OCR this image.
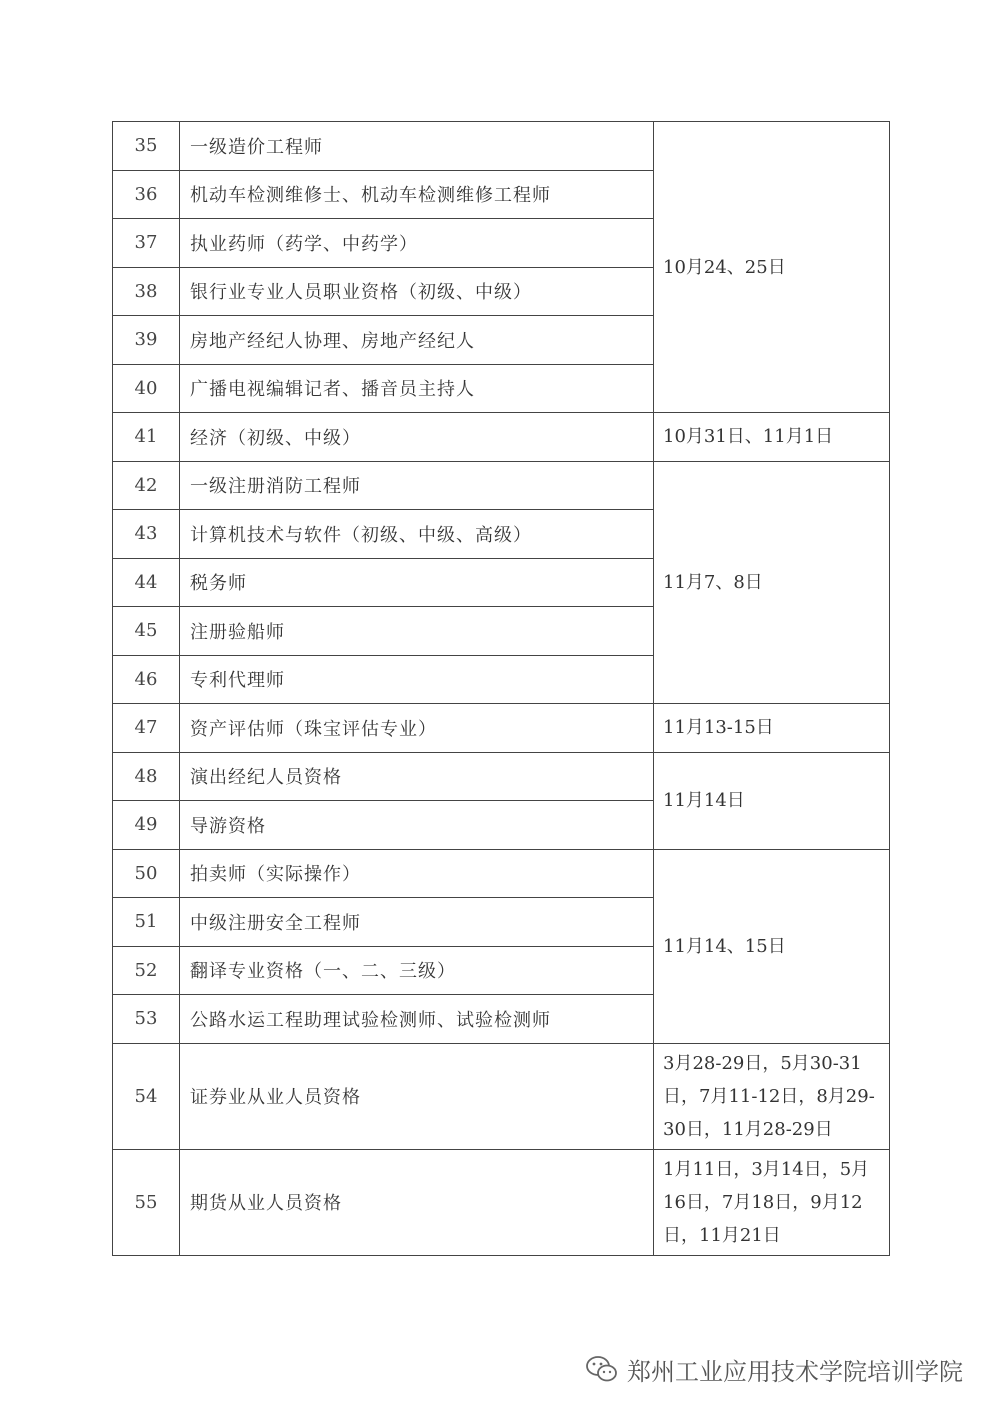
35	一级造价工程师	10月24、25日
36	机动车检测维修士、机动车检测维修工程师	
37	执业药师（药学、中药学）	
38	银行业专业人员职业资格（初级、中级）	
39	房地产经纪人协理、房地产经纪人	
40	广播电视编辑记者、播音员主持人	
41	经济（初级、中级）	10月31日、11月1日
42	一级注册消防工程师	11月7、8日
43	计算机技术与软件（初级、中级、高级）	
44	税务师	
45	注册验船师	
46	专利代理师	
47	资产评估师（珠宝评估专业）	11月13-15日
48	演出经纪人员资格	11月14日
49	导游资格	
50	拍卖师（实际操作）	11月14、15日
51	中级注册安全工程师	
52	翻译专业资格（一、二、三级）	
53	公路水运工程助理试验检测师、试验检测师	
54	证券业从业人员资格	3月28-29日，5月30-31日，7月11-12日，8月29-30日，11月28-29日
55	期货从业人员资格	1月11日，3月14日，5月16日，7月18日，9月12日，11月21日
郑州工业应用技术学院培训学院
